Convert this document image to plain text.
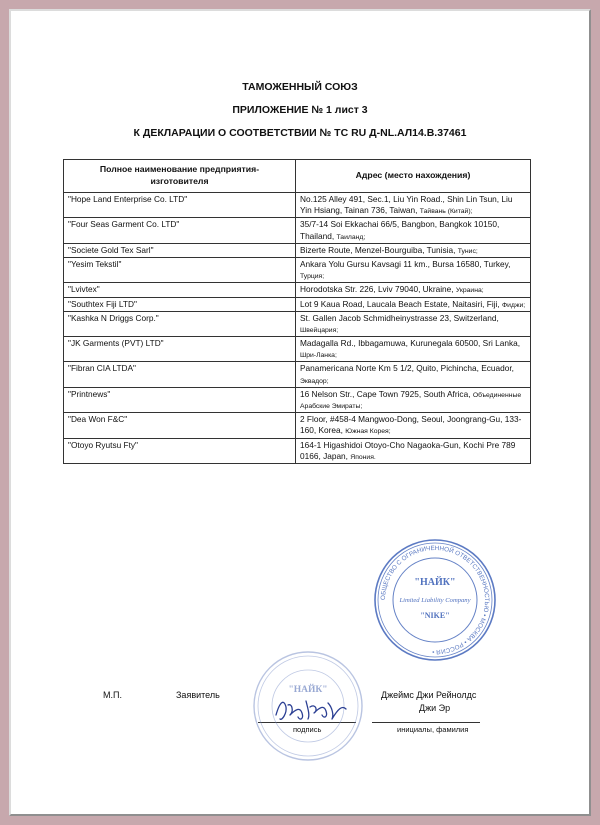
ТАМОЖЕННЫЙ СОЮЗ
ПРИЛОЖЕНИЕ № 1 лист 3
К ДЕКЛАРАЦИИ О СООТВЕТСТВИИ № ТС RU Д-NL.АЛ14.В.37461
Полное наименование предприятия-
изготовителя	Адрес (место нахождения)
"Hope Land Enterprise Co. LTD"	No.125 Alley 491, Sec.1, Liu Yin Road., Shin Lin Tsun, Liu Yin Hsiang, Tainan 736, Taiwan, Тайвань (Китай);
"Four Seas Garment Co. LTD"	35/7-14 Soi Ekkachai 66/5, Bangbon, Bangkok 10150, Thailand, Таиланд;
"Societe Gold Tex Sarl"	Bizerte Route, Menzel-Bourguiba, Tunisia, Тунис;
"Yesim Tekstil"	Ankara Yolu Gursu Kavsagi 11 km., Bursa 16580, Turkey, Турция;
"Lvivtex"	Horodotska Str. 226, Lviv 79040, Ukraine, Украина;
"Southtex Fiji LTD"	Lot 9 Kaua Road, Laucala Beach Estate, Naitasiri, Fiji, Фиджи;
"Kashka N Driggs Corp."	St. Gallen Jacob Schmidheinystrasse 23, Switzerland, Швейцария;
"JK Garments (PVT) LTD"	Madagalla Rd., Ibbagamuwa, Kurunegala 60500, Sri Lanka, Шри-Ланка;
"Fibran CIA LTDA"	Panamericana Norte Km 5 1/2, Quito, Pichincha, Ecuador, Эквадор;
"Printnews"	16 Nelson Str., Cape Town 7925, South Africa, Объединенные Арабские Эмираты;
"Dea Won F&C"	2 Floor, #458-4 Mangwoo-Dong, Seoul, Joongrang-Gu, 133-160, Korea, Южная Корея;
"Otoyo Ryutsu Fty"	164-1 Higashidoi Otoyo-Cho Nagaoka-Gun, Kochi Pre 789 0166, Japan, Япония.
М.П.	Заявитель	Джеймс Джи Рейнолдс
Джи Эр
подпись	инициалы, фамилия
ОБЩЕСТВО С ОГРАНИЧЕННОЙ ОТВЕТСТВЕННОСТЬЮ • МОСКВА • РОССИЯ •
"НАЙК"
Limited Liability Company
"NIKE"
"НАЙК"
